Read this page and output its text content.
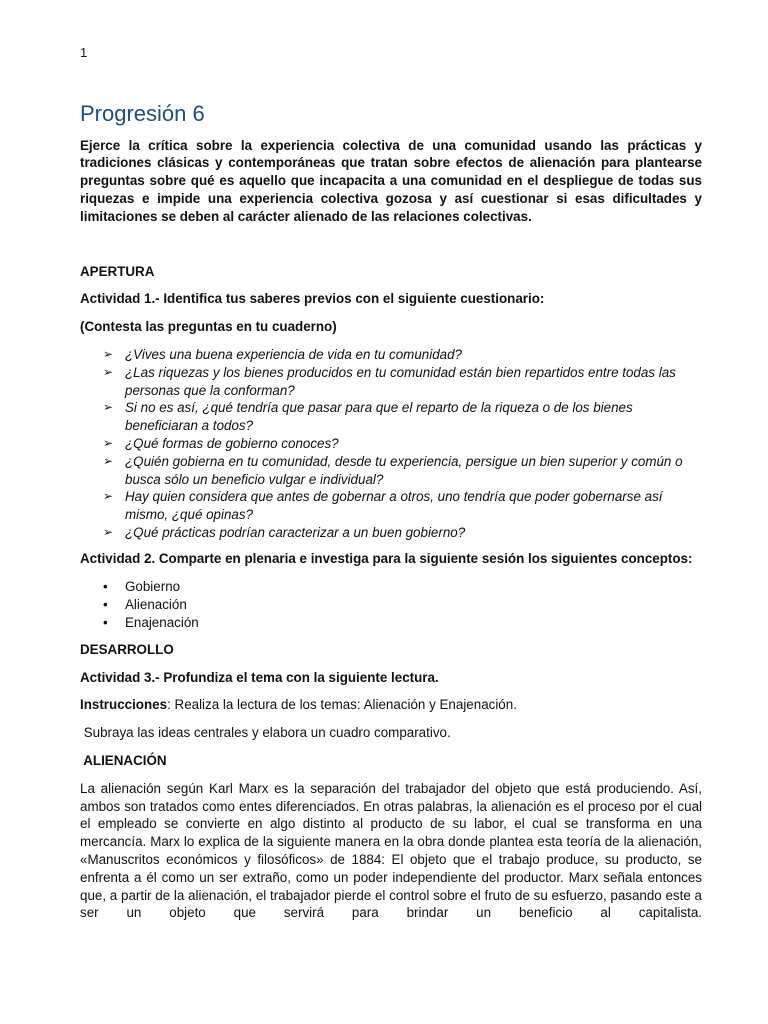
1
Progresión 6

Ejerce la crítica sobre la experiencia colectiva de una comunidad usando las prácticas y tradiciones clásicas y contemporáneas que tratan sobre efectos de alienación para plantearse preguntas sobre qué es aquello que incapacita a una comunidad en el despliegue de todas sus riquezas e impide una experiencia colectiva gozosa y así cuestionar si esas dificultades y limitaciones se deben al carácter alienado de las relaciones colectivas.

APERTURA

Actividad 1.- Identifica tus saberes previos con el siguiente cuestionario:

(Contesta las preguntas en tu cuaderno)

➢ ¿Vives una buena experiencia de vida en tu comunidad?
➢ ¿Las riquezas y los bienes producidos en tu comunidad están bien repartidos entre todas las personas que la conforman?
➢ Si no es así, ¿qué tendría que pasar para que el reparto de la riqueza o de los bienes beneficiaran a todos?
➢ ¿Qué formas de gobierno conoces?
➢ ¿Quién gobierna en tu comunidad, desde tu experiencia, persigue un bien superior y común o busca sólo un beneficio vulgar e individual?
➢ Hay quien considera que antes de gobernar a otros, uno tendría que poder gobernarse así mismo, ¿qué opinas?
➢ ¿Qué prácticas podrían caracterizar a un buen gobierno?

Actividad 2. Comparte en plenaria e investiga para la siguiente sesión los siguientes conceptos:

• Gobierno
• Alienación
• Enajenación

DESARROLLO

Actividad 3.- Profundiza el tema con la siguiente lectura.

Instrucciones: Realiza la lectura de los temas: Alienación y Enajenación.

Subraya las ideas centrales y elabora un cuadro comparativo.

ALIENACIÓN

La alienación según Karl Marx es la separación del trabajador del objeto que está produciendo. Así, ambos son tratados como entes diferenciados. En otras palabras, la alienación es el proceso por el cual el empleado se convierte en algo distinto al producto de su labor, el cual se transforma en una mercancía. Marx lo explica de la siguiente manera en la obra donde plantea esta teoría de la alienación, «Manuscritos económicos y filosóficos» de 1884: El objeto que el trabajo produce, su producto, se enfrenta a él como un ser extraño, como un poder independiente del productor. Marx señala entonces que, a partir de la alienación, el trabajador pierde el control sobre el fruto de su esfuerzo, pasando este a ser un objeto que servirá para brindar un beneficio al capitalista.
